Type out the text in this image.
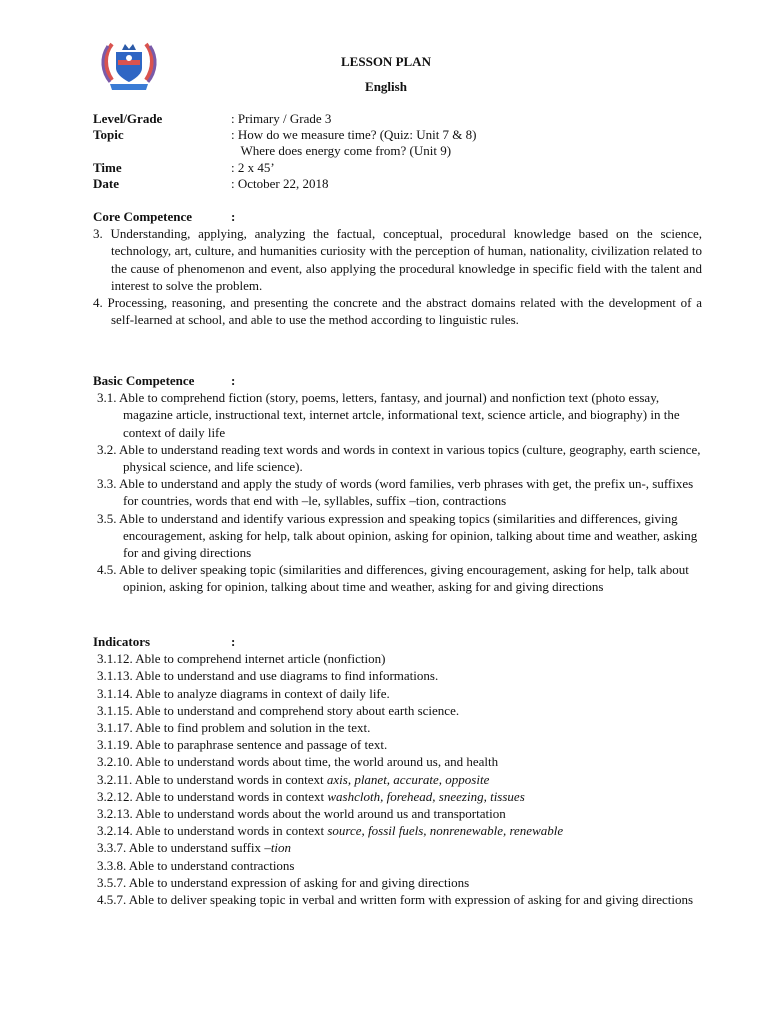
LESSON PLAN
English
Level/Grade	: Primary / Grade 3
Topic	: How do we measure time? (Quiz: Unit 7 & 8)
Where does energy come from? (Unit 9)
Time	: 2 x 45’
Date	: October 22, 2018
Core Competence	:
3. Understanding, applying, analyzing the factual, conceptual, procedural knowledge based on the science, technology, art, culture, and humanities curiosity with the perception of human, nationality, civilization related to the cause of phenomenon and event, also applying the procedural knowledge in specific field with the talent and interest to solve the problem.
4. Processing, reasoning, and presenting the concrete and the abstract domains related with the development of a self-learned at school, and able to use the method according to linguistic rules.
Basic Competence	:
3.1. Able to comprehend fiction (story, poems, letters, fantasy, and journal) and nonfiction text (photo essay, magazine article, instructional text, internet artcle, informational text, science article, and biography) in the context of daily life
3.2. Able to understand reading text words and words in context in various topics (culture, geography, earth science, physical science, and life science).
3.3. Able to understand and apply the study of words (word families, verb phrases with get, the prefix un-, suffixes for countries, words that end with –le, syllables, suffix –tion, contractions
3.5. Able to understand and identify various expression and speaking topics (similarities and differences, giving encouragement, asking for help, talk about opinion, asking for opinion, talking about time and weather, asking for and giving directions
4.5. Able to deliver speaking topic (similarities and differences, giving encouragement, asking for help, talk about opinion, asking for opinion, talking about time and weather, asking for and giving directions
Indicators	:
3.1.12. Able to comprehend internet article (nonfiction)
3.1.13. Able to understand and use diagrams to find informations.
3.1.14. Able to analyze diagrams in context of daily life.
3.1.15. Able to understand and comprehend story about earth science.
3.1.17. Able to find problem and solution in the text.
3.1.19. Able to paraphrase sentence and passage of text.
3.2.10. Able to understand words about time, the world around us, and health
3.2.11. Able to understand words in context axis, planet, accurate, opposite
3.2.12. Able to understand words in context washcloth, forehead, sneezing, tissues
3.2.13. Able to understand words about the world around us and transportation
3.2.14. Able to understand words in context source, fossil fuels, nonrenewable, renewable
3.3.7. Able to understand suffix –tion
3.3.8. Able to understand contractions
3.5.7. Able to understand expression of asking for and giving directions
4.5.7. Able to deliver speaking topic in verbal and written form with expression of asking for and giving directions
